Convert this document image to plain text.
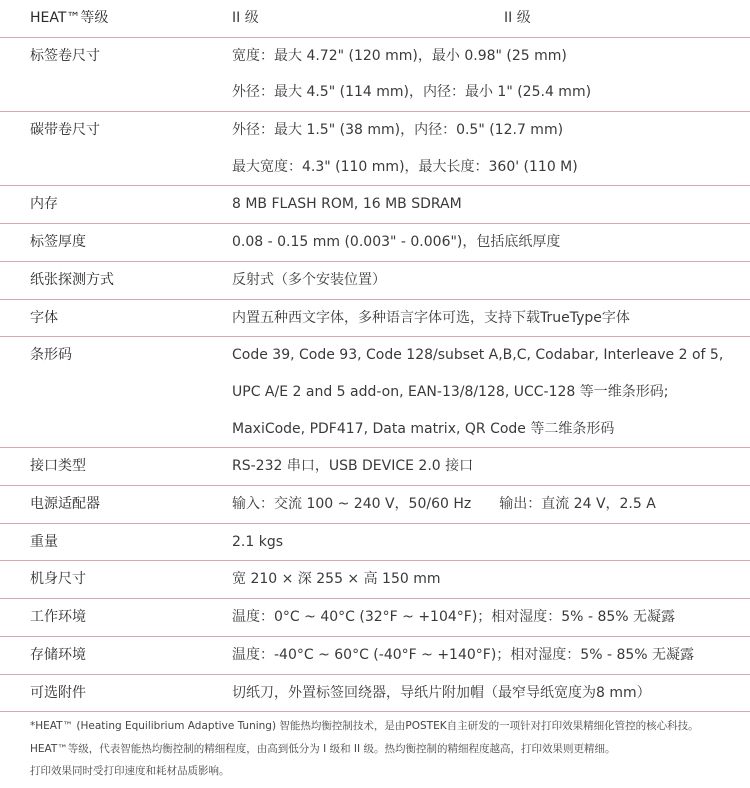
HEAT™等级	II 级	II 级
标签卷尺寸	宽度：最大 4.72" (120 mm)，最小 0.98" (25 mm)
外径：最大 4.5" (114 mm)，内径：最小 1" (25.4 mm)
碳带卷尺寸	外径：最大 1.5" (38 mm)，内径：0.5" (12.7 mm)
最大宽度：4.3" (110 mm)，最大长度：360' (110 M)
内存	8 MB FLASH ROM, 16 MB SDRAM
标签厚度	0.08 - 0.15 mm (0.003" - 0.006")，包括底纸厚度
纸张探测方式	反射式（多个安装位置）
字体	内置五种西文字体，多种语言字体可选，支持下载TrueType字体
条形码	Code 39, Code 93, Code 128/subset A,B,C, Codabar, Interleave 2 of 5,
UPC A/E 2 and 5 add-on, EAN-13/8/128, UCC-128 等一维条形码;
MaxiCode, PDF417, Data matrix, QR Code 等二维条形码
接口类型	RS-232 串口，USB DEVICE 2.0 接口
电源适配器	输入：交流 100 ~ 240 V，50/60 Hz 输出：直流 24 V，2.5 A
重量	2.1 kgs
机身尺寸	宽 210 × 深 255 × 高 150 mm
工作环境	温度：0°C ~ 40°C (32°F ~ +104°F)；相对湿度：5% - 85% 无凝露
存储环境	温度：-40°C ~ 60°C (-40°F ~ +140°F)；相对湿度：5% - 85% 无凝露
可选附件	切纸刀，外置标签回绕器，导纸片附加帽（最窄导纸宽度为8 mm）
*HEAT™ (Heating Equilibrium Adaptive Tuning) 智能热均衡控制技术，是由POSTEK自主研发的一项针对打印效果精细化管控的核心科技。
HEAT™等级，代表智能热均衡控制的精细程度，由高到低分为 I 级和 II 级。热均衡控制的精细程度越高，打印效果则更精细。
打印效果同时受打印速度和耗材品质影响。
